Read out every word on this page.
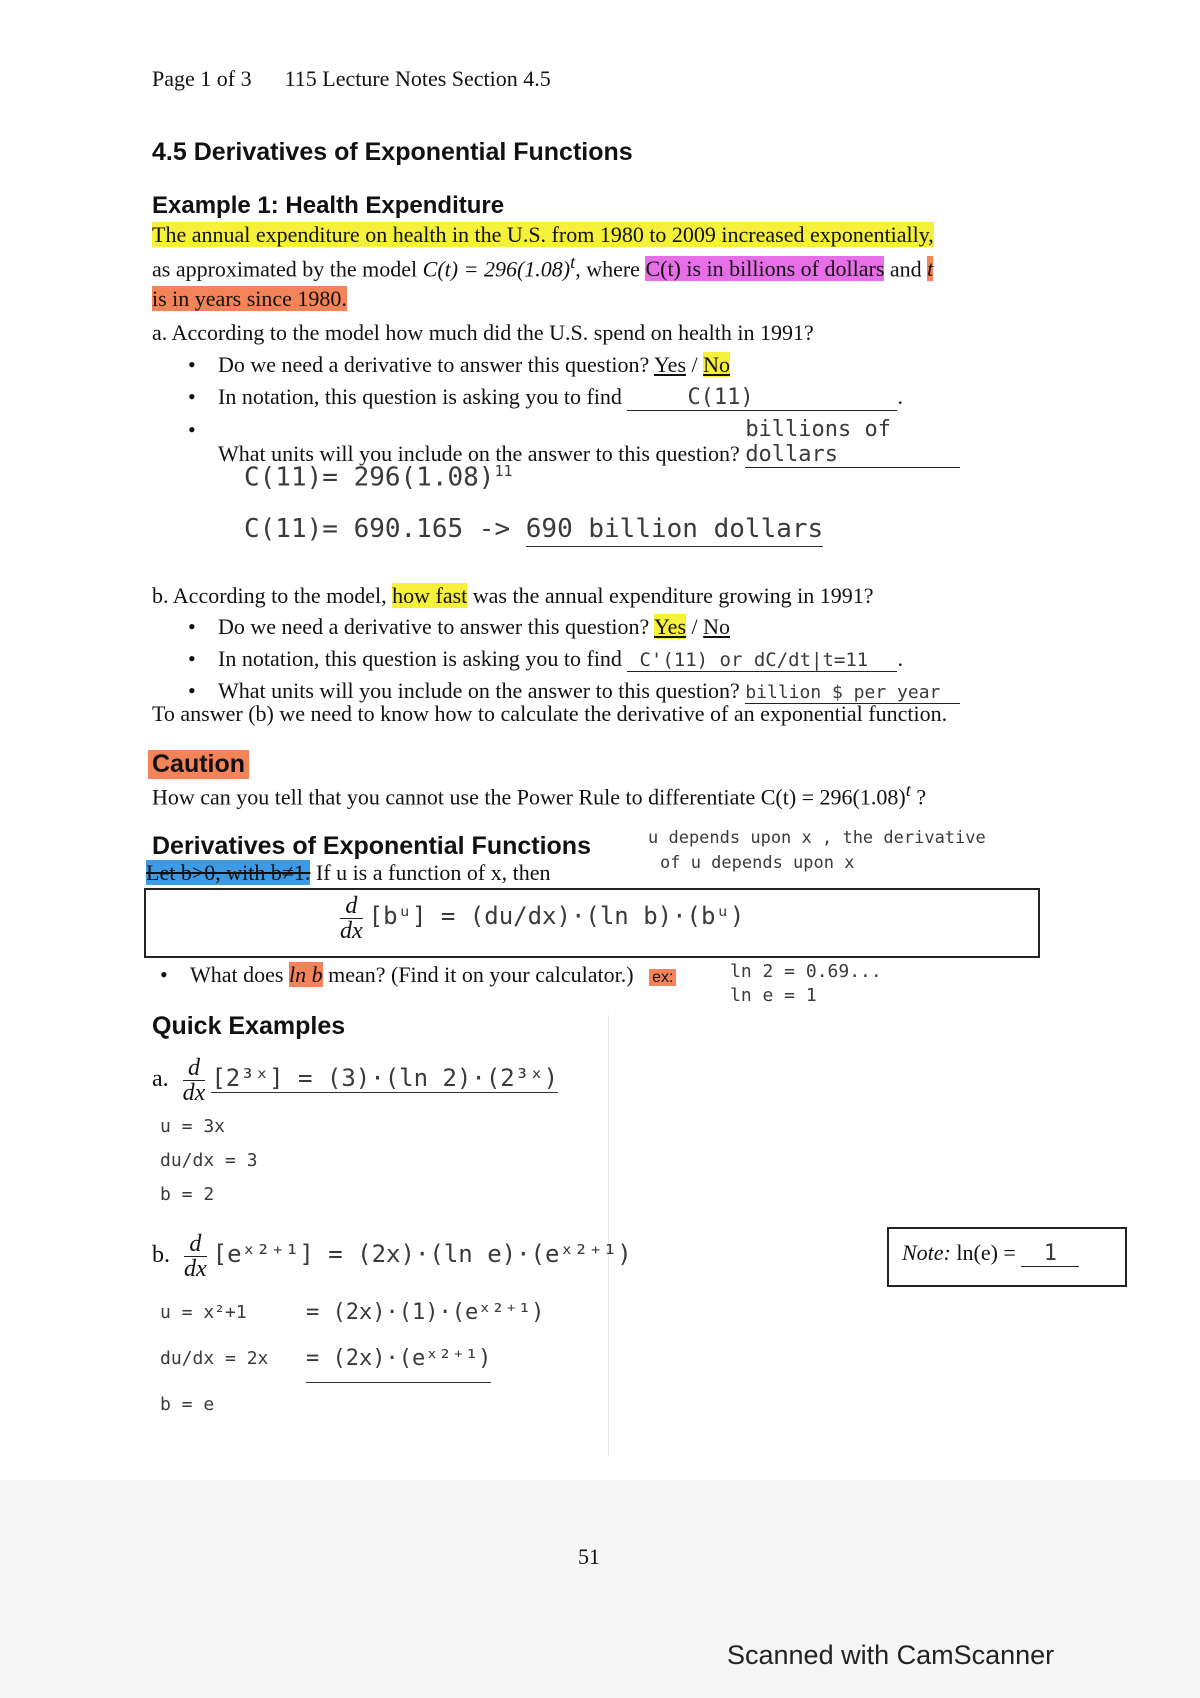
Page 1 of 3 115 Lecture Notes Section 4.5
4.5 Derivatives of Exponential Functions
Example 1: Health Expenditure
The annual expenditure on health in the U.S. from 1980 to 2009 increased exponentially,
as approximated by the model $C(t) = 296(1.08)^t$, where C(t) is in billions of dollars and t
is in years since 1980.
a. According to the model how much did the U.S. spend on health in 1991?
• Do we need a derivative to answer this question? Yes / No
• In notation, this question is asking you to find	C(11)	.
• What units will you include on the answer to this question? billions of dollars
$C(11)= 296(1.08)^{11}$
C(11)= 690.165 -> 690 billion dollars
b. According to the model, how fast was the annual expenditure growing in 1991?
• Do we need a derivative to answer this question? Yes / No
• In notation, this question is asking you to find C'(11) or dC/dt|t=11 .
• What units will you include on the answer to this question? billion $ per year
To answer (b) we need to know how to calculate the derivative of an exponential function.
Caution
How can you tell that you cannot use the Power Rule to differentiate $C(t) = 296(1.08)^t$ ?
Derivatives of Exponential Functions	u depends upon x , the derivative
of u depends upon x
Let b>0, with b≠1. If u is a function of x, then
$\frac{d}{dx}$ [bᵘ] = (du/dx)·(ln b)·(bᵘ)
• What does ln b mean? (Find it on your calculator.) ex:	ln 2 = 0.69...
ln e = 1
Quick Examples
a. $\frac{d}{dx}$ [2³ˣ] = (3)·(ln 2)·(2³ˣ)
u = 3x
du/dx = 3
b = 2
b. $\frac{d}{dx}$ [eˣ²⁺¹] = (2x)·(ln e)·(eˣ²⁺¹)
u = x²+1
du/dx = 2x
b = e
= (2x)·(1)·(eˣ²⁺¹)
= (2x)·(eˣ²⁺¹)
Note: ln(e) = 1
51
Scanned with CamScanner
